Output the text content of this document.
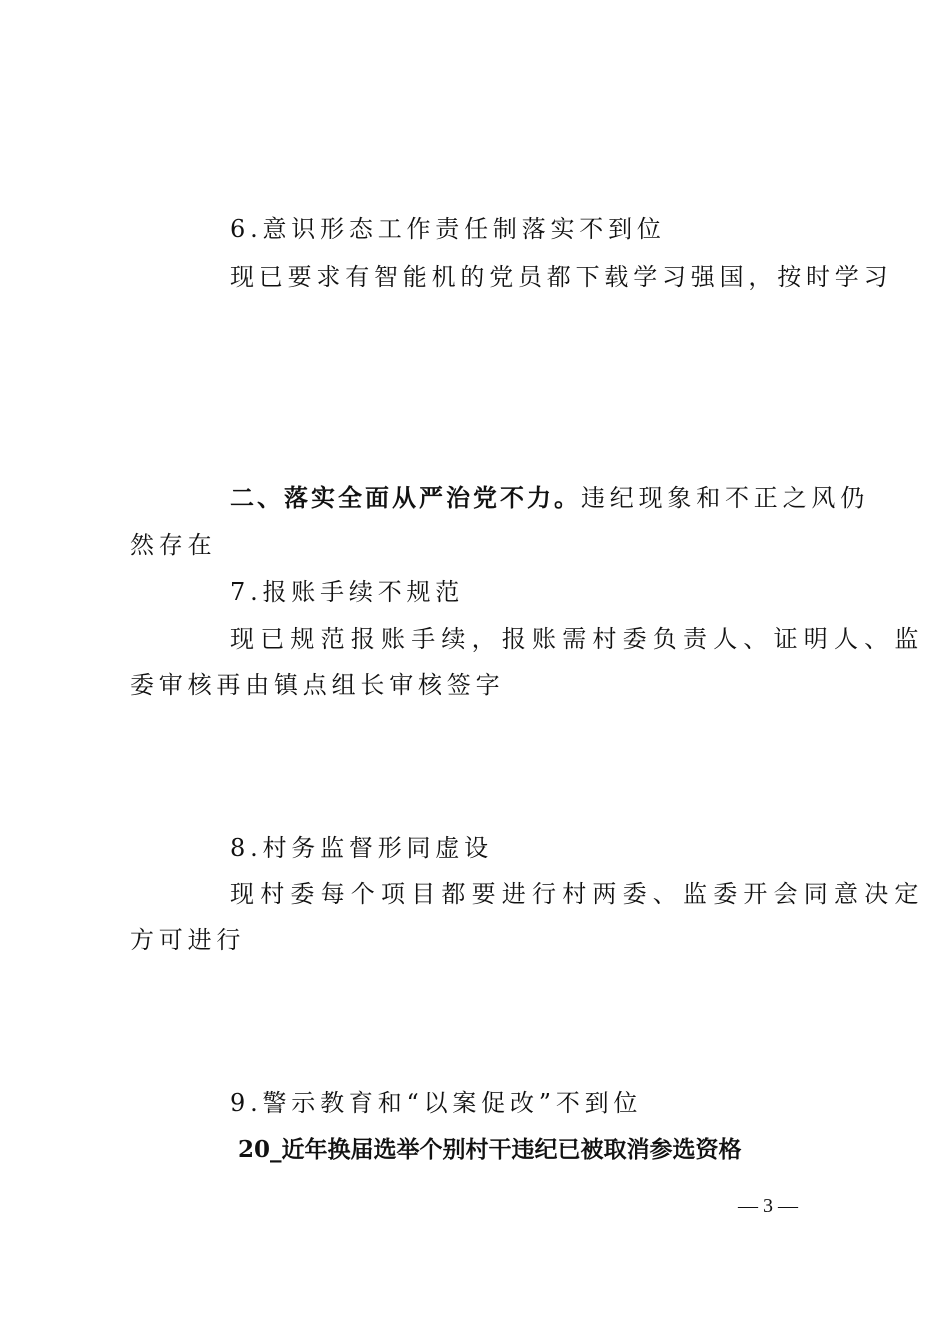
6.意识形态工作责任制落实不到位
现已要求有智能机的党员都下载学习强国，按时学习
二、落实全面从严治党不力。违纪现象和不正之风仍
然存在
7.报账手续不规范
现已规范报账手续，报账需村委负责人、证明人、监
委审核再由镇点组长审核签字
8.村务监督形同虚设
现村委每个项目都要进行村两委、监委开会同意决定
方可进行
9.警示教育和“以案促改”不到位
20_近年换届选举个别村干违纪已被取消参选资格
— 3 —
